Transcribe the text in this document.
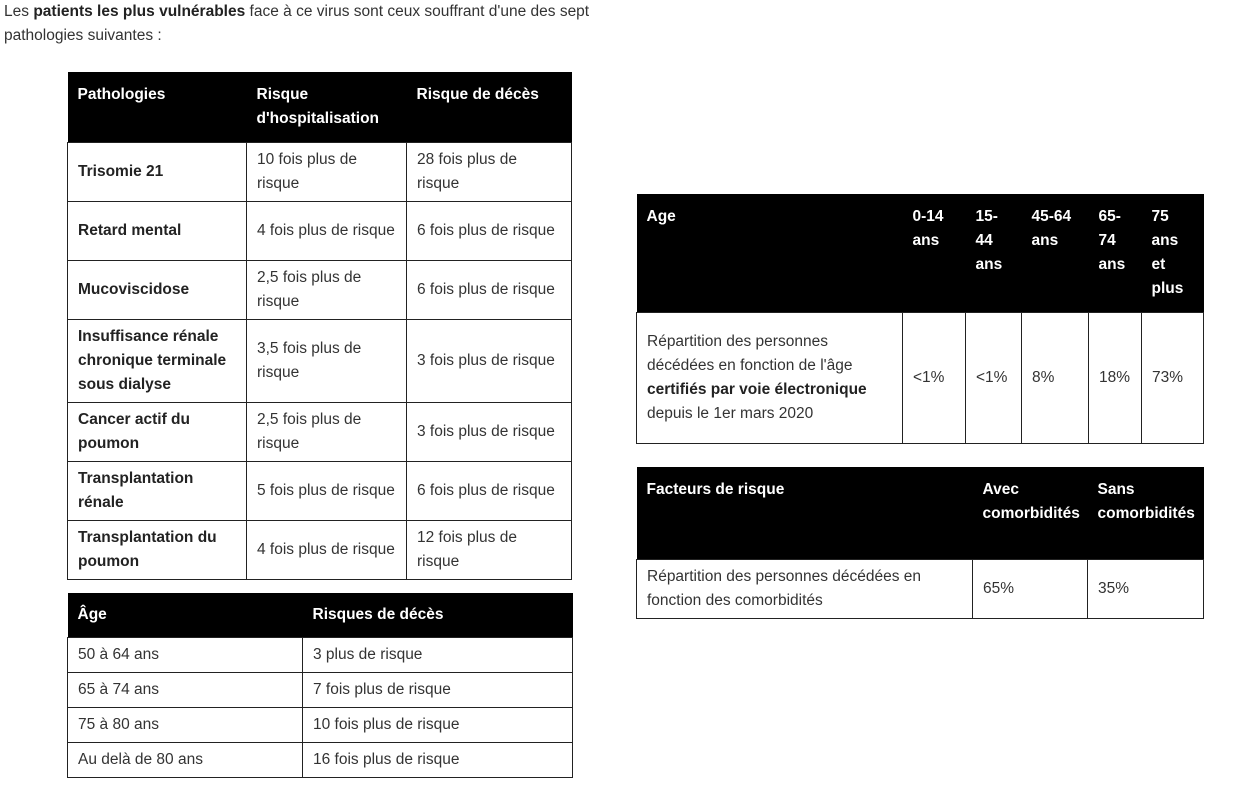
Les patients les plus vulnérables face à ce virus sont ceux souffrant d'une des sept pathologies suivantes :

Pathologies	Risque d'hospitalisation	Risque de décès
Trisomie 21	10 fois plus de risque	28 fois plus de risque
Retard mental	4 fois plus de risque	6 fois plus de risque
Mucoviscidose	2,5 fois plus de risque	6 fois plus de risque
Insuffisance rénale chronique terminale sous dialyse	3,5 fois plus de risque	3 fois plus de risque
Cancer actif du poumon	2,5 fois plus de risque	3 fois plus de risque
Transplantation rénale	5 fois plus de risque	6 fois plus de risque
Transplantation du poumon	4 fois plus de risque	12 fois plus de risque
Âge	Risques de décès
50 à 64 ans	3 plus de risque
65 à 74 ans	7 fois plus de risque
75 à 80 ans	10 fois plus de risque
Au delà de 80 ans	16 fois plus de risque
Age	0-14 ans	15-44 ans	45-64 ans	65-74 ans	75 ans et plus
Répartition des personnes décédées en fonction de l'âge certifiés par voie électronique depuis le 1er mars 2020	<1%	<1%	8%	18%	73%
Facteurs de risque	Avec comorbidités	Sans comorbidités
Répartition des personnes décédées en fonction des comorbidités	65%	35%
